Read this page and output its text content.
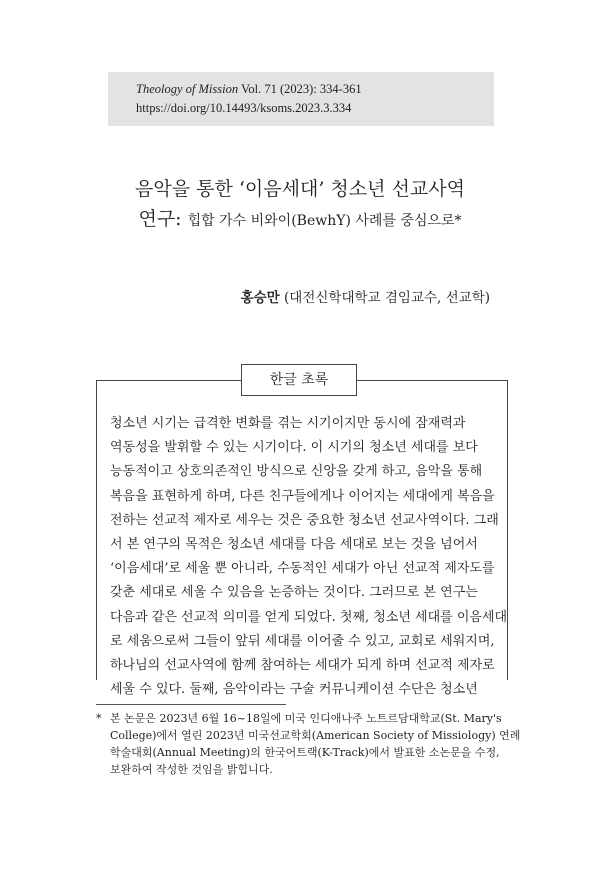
Theology of Mission Vol. 71 (2023): 334-361
https://doi.org/10.14493/ksoms.2023.3.334
음악을 통한 ‘이음세대’ 청소년 선교사역
연구: 힙합 가수 비와이(BewhY) 사례를 중심으로*
홍승만 (대전신학대학교 겸임교수, 선교학)
한글 초록
청소년 시기는 급격한 변화를 겪는 시기이지만 동시에 잠재력과
역동성을 발휘할 수 있는 시기이다. 이 시기의 청소년 세대를 보다
능동적이고 상호의존적인 방식으로 신앙을 갖게 하고, 음악을 통해
복음을 표현하게 하며, 다른 친구들에게나 이어지는 세대에게 복음을
전하는 선교적 제자로 세우는 것은 중요한 청소년 선교사역이다. 그래
서 본 연구의 목적은 청소년 세대를 다음 세대로 보는 것을 넘어서
‘이음세대’로 세울 뿐 아니라, 수동적인 세대가 아닌 선교적 제자도를
갖춘 세대로 세울 수 있음을 논증하는 것이다. 그러므로 본 연구는
다음과 같은 선교적 의미를 얻게 되었다. 첫째, 청소년 세대를 이음세대
로 세움으로써 그들이 앞뒤 세대를 이어줄 수 있고, 교회로 세워지며,
하나님의 선교사역에 함께 참여하는 세대가 되게 하며 선교적 제자로
세울 수 있다. 둘째, 음악이라는 구술 커뮤니케이션 수단은 청소년
* 본 논문은 2023년 6월 16~18일에 미국 인디애나주 노트르담대학교(St. Mary's
College)에서 열린 2023년 미국선교학회(American Society of Missiology) 연례
학술대회(Annual Meeting)의 한국어트랙(K-Track)에서 발표한 소논문을 수정,
보완하여 작성한 것임을 밝힙니다.
